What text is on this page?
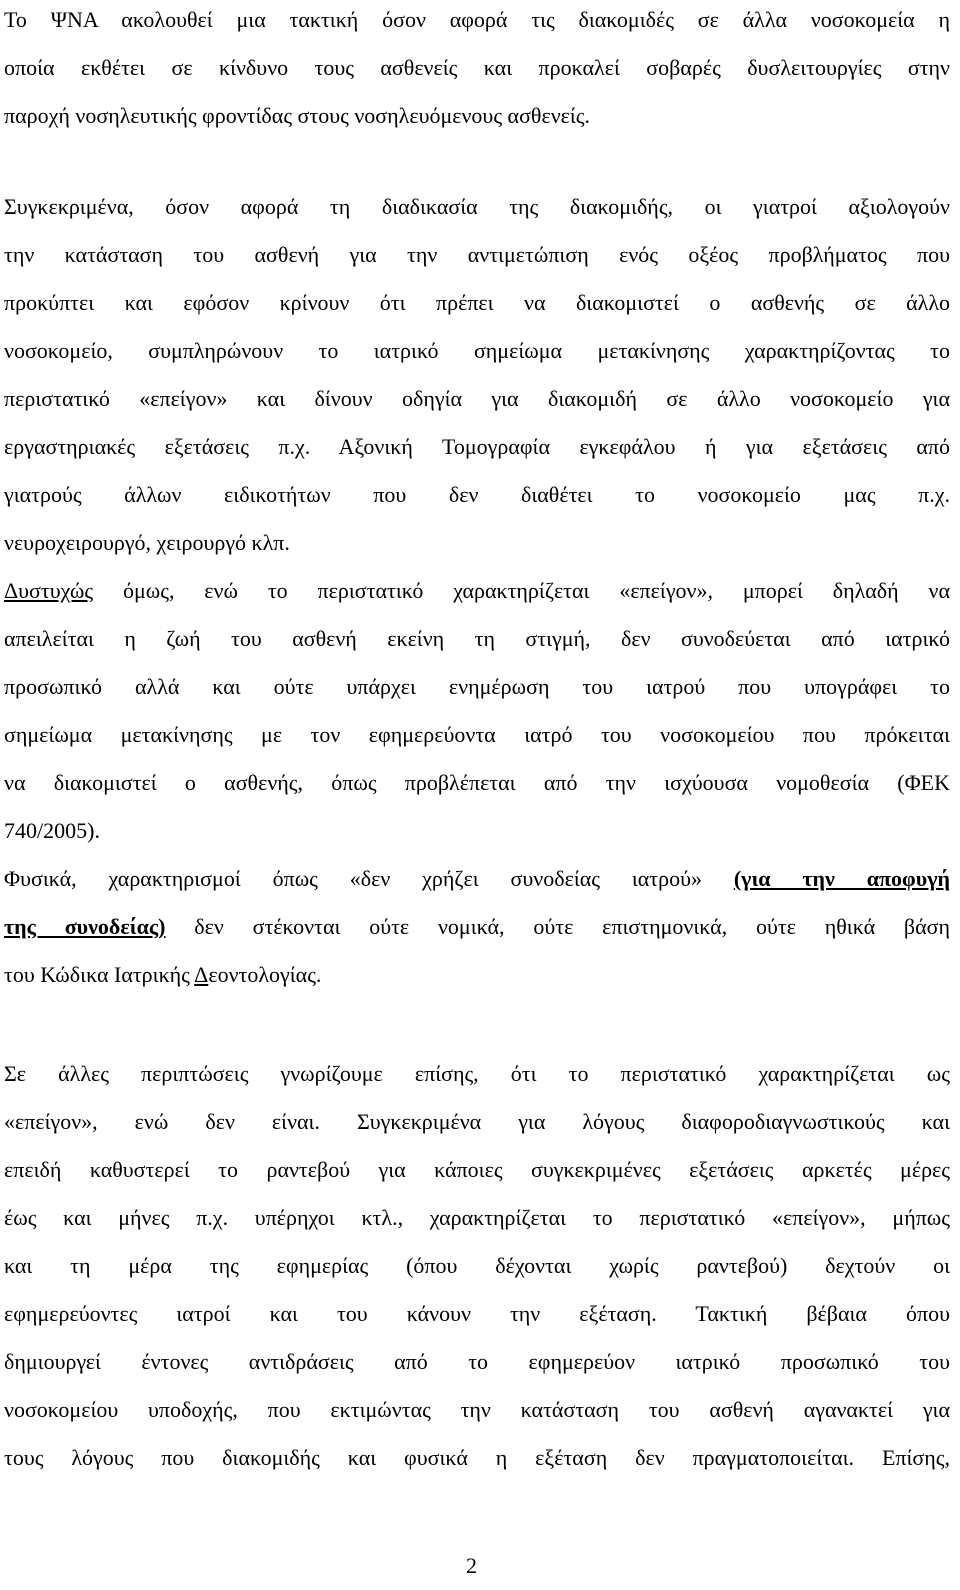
Το ΨΝΑ ακολουθεί μια τακτική όσον αφορά τις διακομιδές σε άλλα νοσοκομεία η
οποία εκθέτει σε κίνδυνο τους ασθενείς και προκαλεί σοβαρές δυσλειτουργίες στην
παροχή νοσηλευτικής φροντίδας στους νοσηλευόμενους ασθενείς.
Συγκεκριμένα, όσον αφορά τη διαδικασία της διακομιδής, οι γιατροί αξιολογούν
την κατάσταση του ασθενή για την αντιμετώπιση ενός οξέος προβλήματος που
προκύπτει και εφόσον κρίνουν ότι πρέπει να διακομιστεί ο ασθενής σε άλλο
νοσοκομείο, συμπληρώνουν το ιατρικό σημείωμα μετακίνησης χαρακτηρίζοντας το
περιστατικό «επείγον» και δίνουν οδηγία για διακομιδή σε άλλο νοσοκομείο για
εργαστηριακές εξετάσεις π.χ. Αξονική Τομογραφία εγκεφάλου ή για εξετάσεις από
γιατρούς άλλων ειδικοτήτων που δεν διαθέτει το νοσοκομείο μας π.χ.
νευροχειρουργό, χειρουργό κλπ.
Δυστυχώς όμως, ενώ το περιστατικό χαρακτηρίζεται «επείγον», μπορεί δηλαδή να
απειλείται η ζωή του ασθενή εκείνη τη στιγμή, δεν συνοδεύεται από ιατρικό
προσωπικό αλλά και ούτε υπάρχει ενημέρωση του ιατρού που υπογράφει το
σημείωμα μετακίνησης με τον εφημερεύοντα ιατρό του νοσοκομείου που πρόκειται
να διακομιστεί ο ασθενής, όπως προβλέπεται από την ισχύουσα νομοθεσία (ΦΕΚ
740/2005).
Φυσικά, χαρακτηρισμοί όπως «δεν χρήζει συνοδείας ιατρού» (για την αποφυγή
της συνοδείας) δεν στέκονται ούτε νομικά, ούτε επιστημονικά, ούτε ηθικά βάση
του Κώδικα Ιατρικής Δεοντολογίας.
Σε άλλες περιπτώσεις γνωρίζουμε επίσης, ότι το περιστατικό χαρακτηρίζεται ως
«επείγον», ενώ δεν είναι. Συγκεκριμένα για λόγους διαφοροδιαγνωστικούς και
επειδή καθυστερεί το ραντεβού για κάποιες συγκεκριμένες εξετάσεις αρκετές μέρες
έως και μήνες π.χ. υπέρηχοι κτλ., χαρακτηρίζεται το περιστατικό «επείγον», μήπως
και τη μέρα της εφημερίας (όπου δέχονται χωρίς ραντεβού) δεχτούν οι
εφημερεύοντες ιατροί και του κάνουν την εξέταση. Τακτική βέβαια όπου
δημιουργεί έντονες αντιδράσεις από το εφημερεύον ιατρικό προσωπικό του
νοσοκομείου υποδοχής, που εκτιμώντας την κατάσταση του ασθενή αγανακτεί για
τους λόγους που διακομιδής και φυσικά η εξέταση δεν πραγματοποιείται. Επίσης,
2
